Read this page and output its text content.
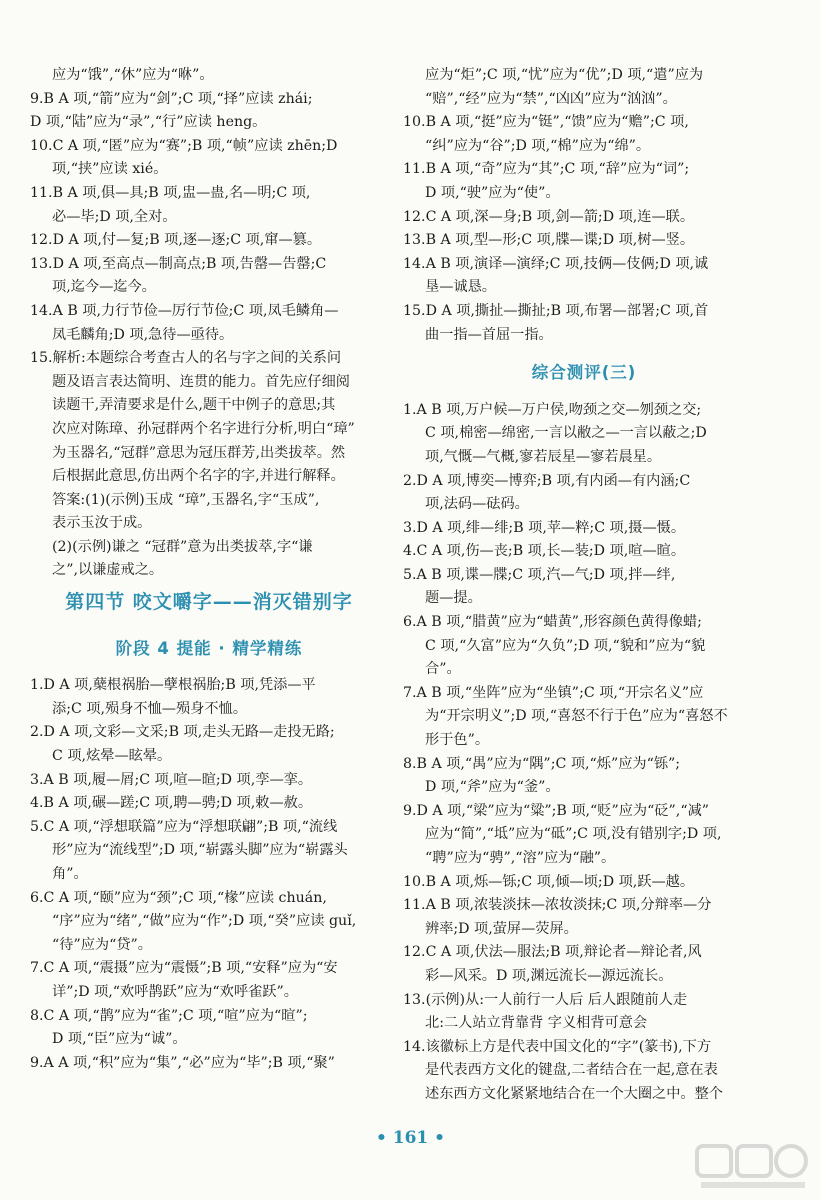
应为“饿”,“休”应为“咻”。

9.B A 项,“箭”应为“剑”;C 项,“择”应读 zhái;

D 项,“陆”应为“录”,“行”应读 heng。

10.C A 项,“匿”应为“赛”;B 项,“帧”应读 zhēn;D

项,“挟”应读 xié。

11.B A 项,俱—具;B 项,盅—蛊,名—明;C 项,

必—毕;D 项,全对。

12.D A 项,付—复;B 项,逐—逐;C 项,窜—篡。

13.D A 项,至高点—制高点;B 项,告罄—告罄;C

项,迄今—迄今。

14.A B 项,力行节俭—厉行节俭;C 项,凤毛鳞角—

凤毛麟角;D 项,急待—亟待。

15.解析:本题综合考查古人的名与字之间的关系问

题及语言表达简明、连贯的能力。首先应仔细阅

读题干,弄清要求是什么,题干中例子的意思;其

次应对陈璋、孙冠群两个名字进行分析,明白“璋”

为玉器名,“冠群”意思为冠压群芳,出类拔萃。然

后根据此意思,仿出两个名字的字,并进行解释。

答案:(1)(示例)玉成 “璋”,玉器名,字“玉成”,

表示玉汝于成。

(2)(示例)谦之 “冠群”意为出类拔萃,字“谦

之”,以谦虚戒之。

第四节 咬文嚼字——消灭错别字
阶段 4 提能 · 精学精练

1.D A 项,蘖根祸胎—孽根祸胎;B 项,凭添—平

添;C 项,殒身不恤—殒身不恤。

2.D A 项,文彩—文采;B 项,走头无路—走投无路;

C 项,炫晕—眩晕。

3.A B 项,履—屑;C 项,喧—暄;D 项,孪—挛。

4.B A 项,碾—蹉;C 项,聘—骋;D 项,敕—赦。

5.C A 项,“浮想联篇”应为“浮想联翩”;B 项,“流线

形”应为“流线型”;D 项,“崭露头脚”应为“崭露头

角”。

6.C A 项,“颐”应为“颈”;C 项,“椽”应读 chuán,

“序”应为“绪”,“做”应为“作”;D 项,“癸”应读 guǐ,

“待”应为“贷”。

7.C A 项,“震摄”应为“震慑”;B 项,“安释”应为“安

详”;D 项,“欢呼鹊跃”应为“欢呼雀跃”。

8.C A 项,“鹊”应为“雀”;C 项,“喧”应为“暄”;

D 项,“臣”应为“诚”。

9.A A 项,“积”应为“集”,“必”应为“毕”;B 项,“聚”

应为“炬”;C 项,“忧”应为“优”;D 项,“遣”应为

“赔”,“经”应为“禁”,“凶凶”应为“汹汹”。

10.B A 项,“挺”应为“铤”,“馈”应为“赡”;C 项,

“纠”应为“谷”;D 项,“棉”应为“绵”。

11.B A 项,“奇”应为“其”;C 项,“辞”应为“词”;

D 项,“驶”应为“使”。

12.C A 项,深—身;B 项,剑—箭;D 项,连—联。

13.B A 项,型—形;C 项,牒—谍;D 项,树—竖。

14.A B 项,演译—演绎;C 项,技俩—伎俩;D 项,诚

垦—诚恳。

15.D A 项,撕扯—撕扯;B 项,布署—部署;C 项,首

曲一指—首屈一指。

综合测评(三)

1.A B 项,万户候—万户侯,吻颈之交—刎颈之交;

C 项,棉密—绵密,一言以敝之—一言以蔽之;D

项,气慨—气概,寥若辰星—寥若晨星。

2.D A 项,博奕—博弈;B 项,有内函—有内涵;C

项,法码—砝码。

3.D A 项,绯—绯;B 项,苹—粹;C 项,摄—慑。

4.C A 项,伤—丧;B 项,长—装;D 项,喧—暄。

5.A B 项,谍—牒;C 项,汽—气;D 项,拌—绊,

题—提。

6.A B 项,“腊黄”应为“蜡黄”,形容颜色黄得像蜡;

C 项,“久富”应为“久负”;D 项,“貌和”应为“貌

合”。

7.A B 项,“坐阵”应为“坐镇”;C 项,“开宗名义”应

为“开宗明义”;D 项,“喜怒不行于色”应为“喜怒不

形于色”。

8.B A 项,“禺”应为“隅”;C 项,“烁”应为“铄”;

D 项,“斧”应为“釜”。

9.D A 项,“梁”应为“粱”;B 项,“贬”应为“砭”,“减”

应为“简”,“坻”应为“砥”;C 项,没有错别字;D 项,

“聘”应为“骋”,“溶”应为“融”。

10.B A 项,烁—铄;C 项,倾—顷;D 项,跃—越。

11.A B 项,浓装淡抹—浓妆淡抹;C 项,分辩率—分

辨率;D 项,萤屏—荧屏。

12.C A 项,伏法—服法;B 项,辩论者—辩论者,风

彩—风采。D 项,渊远流长—源远流长。

13.(示例)从:一人前行一人后 后人跟随前人走

北:二人站立背靠背 字义相背可意会

14.该徽标上方是代表中国文化的“字”(篆书),下方

是代表西方文化的键盘,二者结合在一起,意在表

述东西方文化紧紧地结合在一个大圈之中。整个

• 161 •
